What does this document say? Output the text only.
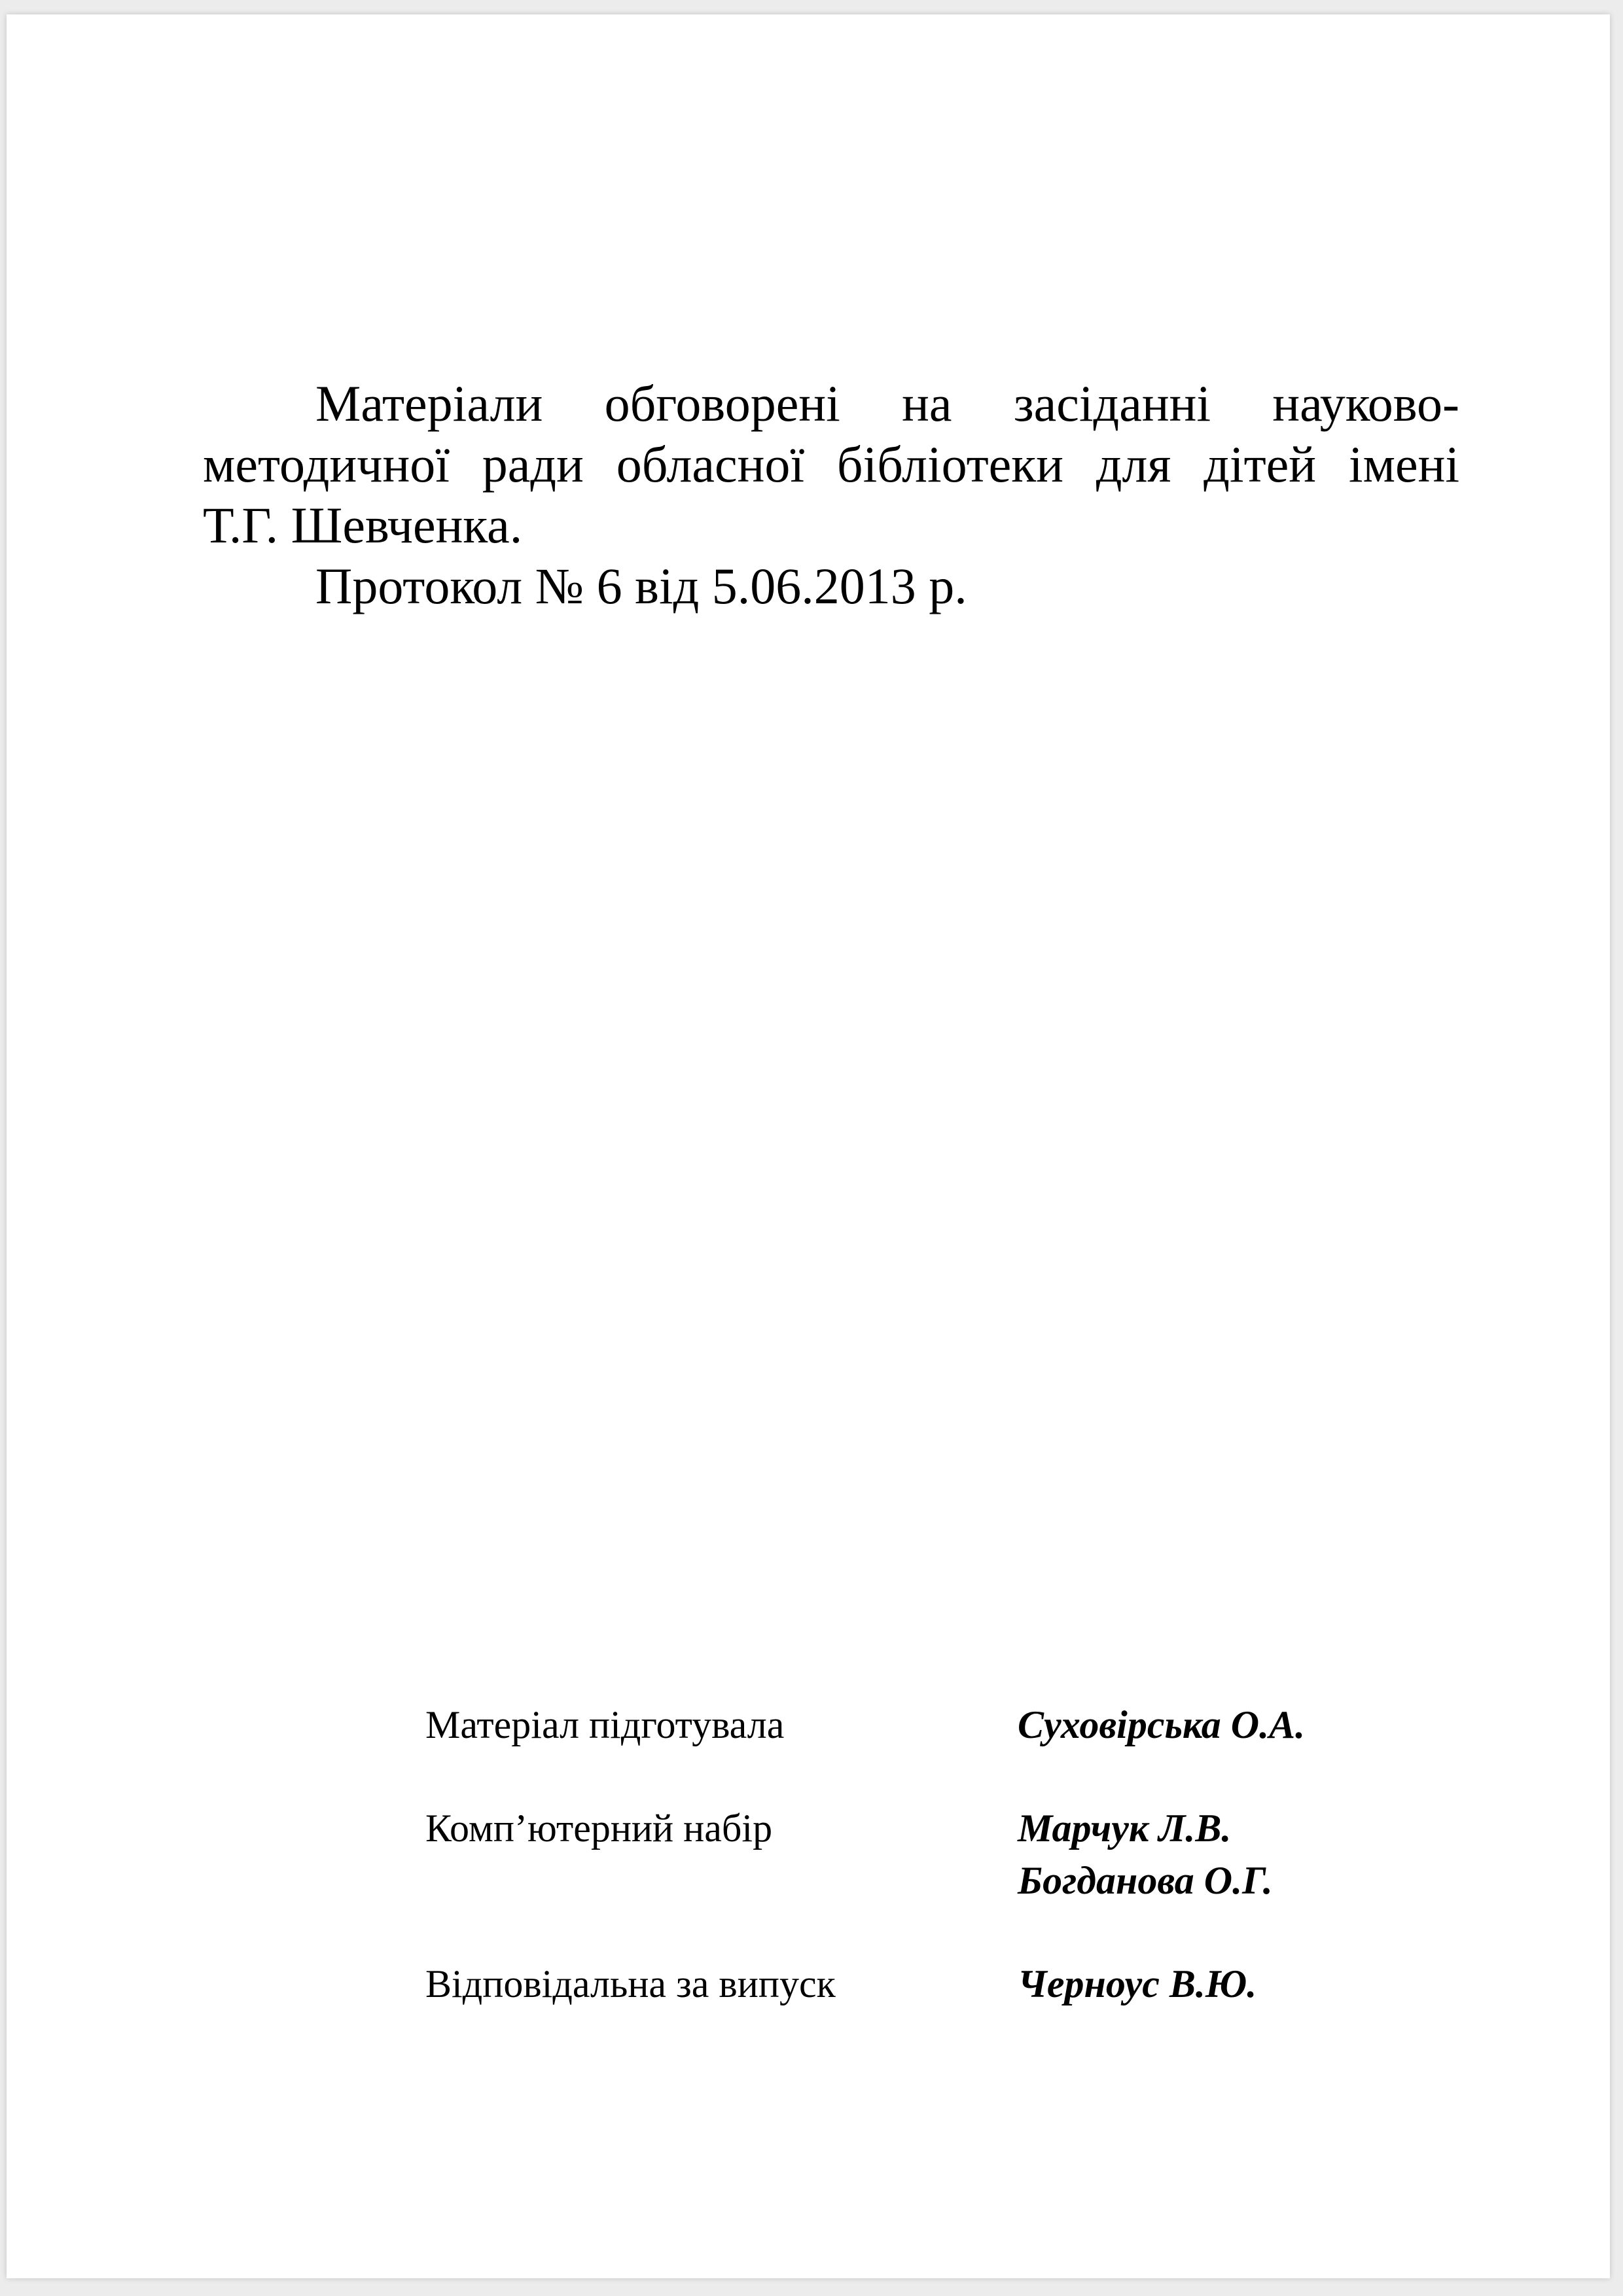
Матеріали обговорені на засіданні науково-
методичної ради обласної бібліотеки для дітей імені
Т.Г. Шевченка.
Протокол № 6 від 5.06.2013 р.
Матеріал підготувала	Суховірська О.А.
Комп’ютерний набір	Марчук Л.В.
Богданова О.Г.
Відповідальна за випуск	Черноус В.Ю.
